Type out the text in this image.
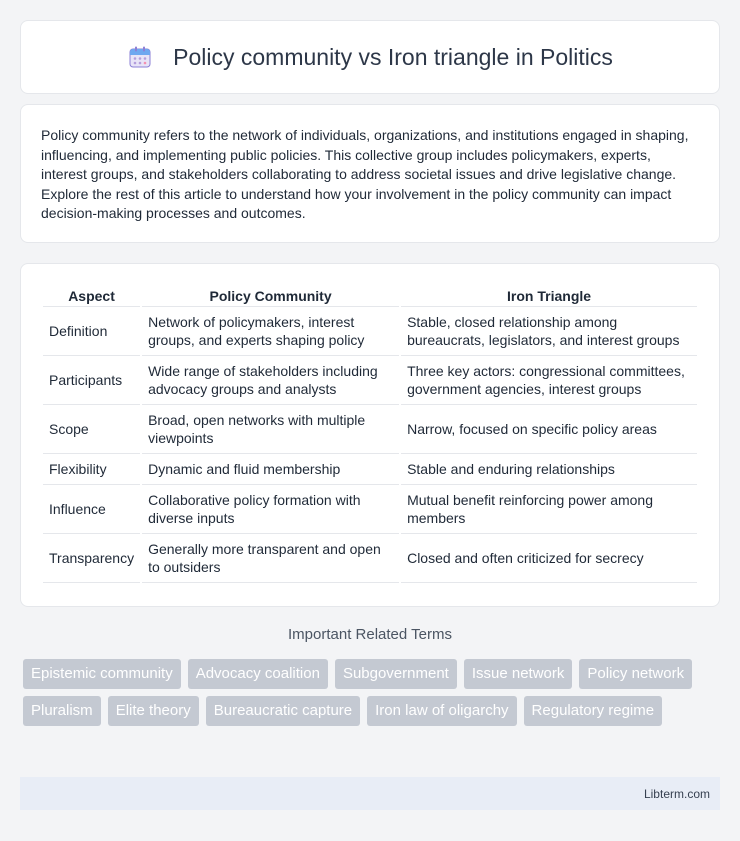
Policy community vs Iron triangle in Politics

Policy community refers to the network of individuals, organizations, and institutions engaged in shaping, influencing, and implementing public policies. This collective group includes policymakers, experts, interest groups, and stakeholders collaborating to address societal issues and drive legislative change. Explore the rest of this article to understand how your involvement in the policy community can impact decision-making processes and outcomes.

Aspect	Policy Community	Iron Triangle
Definition	Network of policymakers, interest groups, and experts shaping policy	Stable, closed relationship among bureaucrats, legislators, and interest groups
Participants	Wide range of stakeholders including advocacy groups and analysts	Three key actors: congressional committees, government agencies, interest groups
Scope	Broad, open networks with multiple viewpoints	Narrow, focused on specific policy areas
Flexibility	Dynamic and fluid membership	Stable and enduring relationships
Influence	Collaborative policy formation with diverse inputs	Mutual benefit reinforcing power among members
Transparency	Generally more transparent and open to outsiders	Closed and often criticized for secrecy
Important Related Terms
Epistemic community	Advocacy coalition	Subgovernment	Issue network	Policy network
Pluralism	Elite theory	Bureaucratic capture	Iron law of oligarchy	Regulatory regime
Libterm.com
